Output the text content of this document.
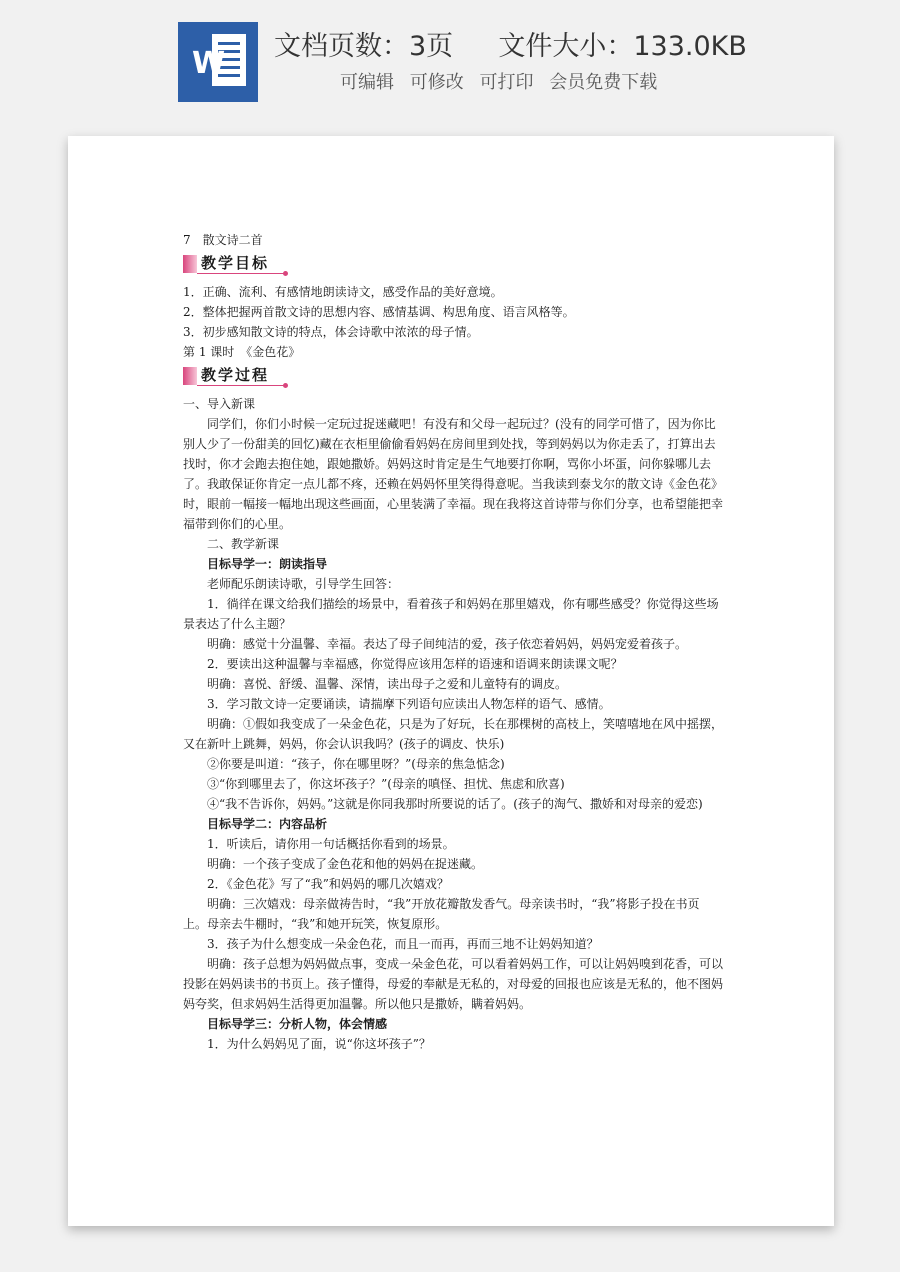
W 文档页数：3页 文件大小：133.0KB
可编辑 可修改 可打印 会员免费下载

7　散文诗二首

教学目标

1．正确、流利、有感情地朗读诗文，感受作品的美好意境。

2．整体把握两首散文诗的思想内容、感情基调、构思角度、语言风格等。

3．初步感知散文诗的特点，体会诗歌中浓浓的母子情。

第 1 课时　《金色花》

教学过程

一、导入新课

同学们，你们小时候一定玩过捉迷藏吧！有没有和父母一起玩过？(没有的同学可惜了，因为你比别人少了一份甜美的回忆)藏在衣柜里偷偷看妈妈在房间里到处找，等到妈妈以为你走丢了，打算出去找时，你才会跑去抱住她，跟她撒娇。妈妈这时肯定是生气地要打你啊，骂你小坏蛋，问你躲哪儿去了。我敢保证你肯定一点儿都不疼，还赖在妈妈怀里笑得得意呢。当我读到泰戈尔的散文诗《金色花》时，眼前一幅接一幅地出现这些画面，心里装满了幸福。现在我将这首诗带与你们分享，也希望能把幸福带到你们的心里。

二、教学新课

目标导学一：朗读指导

老师配乐朗读诗歌，引导学生回答：

1．徜徉在课文给我们描绘的场景中，看着孩子和妈妈在那里嬉戏，你有哪些感受？你觉得这些场景表达了什么主题？

明确：感觉十分温馨、幸福。表达了母子间纯洁的爱，孩子依恋着妈妈，妈妈宠爱着孩子。

2．要读出这种温馨与幸福感，你觉得应该用怎样的语速和语调来朗读课文呢？

明确：喜悦、舒缓、温馨、深情，读出母子之爱和儿童特有的调皮。

3．学习散文诗一定要诵读，请揣摩下列语句应读出人物怎样的语气、感情。

明确：①假如我变成了一朵金色花，只是为了好玩，长在那棵树的高枝上，笑嘻嘻地在风中摇摆，又在新叶上跳舞，妈妈，你会认识我吗？(孩子的调皮、快乐)

②你要是叫道：“孩子，你在哪里呀？”(母亲的焦急惦念)

③“你到哪里去了，你这坏孩子？”(母亲的嗔怪、担忧、焦虑和欣喜)

④“我不告诉你，妈妈。”这就是你同我那时所要说的话了。(孩子的淘气、撒娇和对母亲的爱恋)

目标导学二：内容品析

1．听读后，请你用一句话概括你看到的场景。

明确：一个孩子变成了金色花和他的妈妈在捉迷藏。

2．《金色花》写了“我”和妈妈的哪几次嬉戏？

明确：三次嬉戏：母亲做祷告时，“我”开放花瓣散发香气。母亲读书时，“我”将影子投在书页上。母亲去牛棚时，“我”和她开玩笑，恢复原形。

3．孩子为什么想变成一朵金色花，而且一而再，再而三地不让妈妈知道？

明确：孩子总想为妈妈做点事，变成一朵金色花，可以看着妈妈工作，可以让妈妈嗅到花香，可以投影在妈妈读书的书页上。孩子懂得，母爱的奉献是无私的，对母爱的回报也应该是无私的，他不图妈妈夸奖，但求妈妈生活得更加温馨。所以他只是撒娇，瞒着妈妈。

目标导学三：分析人物，体会情感

1．为什么妈妈见了面，说“你这坏孩子”？
